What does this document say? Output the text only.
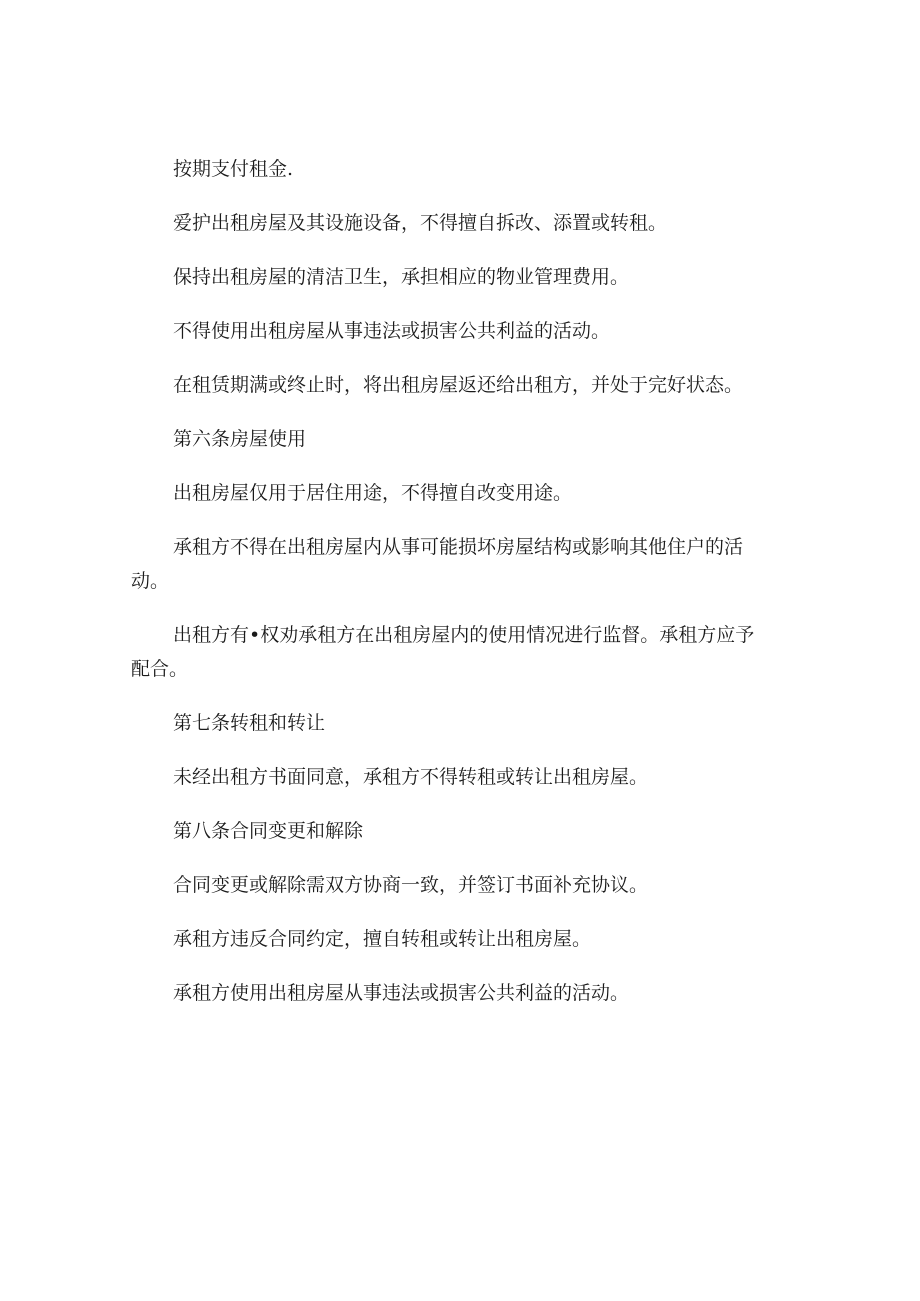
按期支付租金.

爱护出租房屋及其设施设备，不得擅自拆改、添置或转租。

保持出租房屋的清洁卫生，承担相应的物业管理费用。

不得使用出租房屋从事违法或损害公共利益的活动。

在租赁期满或终止时，将出租房屋返还给出租方，并处于完好状态。

第六条房屋使用

出租房屋仅用于居住用途，不得擅自改变用途。

承租方不得在出租房屋内从事可能损坏房屋结构或影响其他住户的活动。

出租方有•权劝承租方在出租房屋内的使用情况进行监督。承租方应予配合。

第七条转租和转让

未经出租方书面同意，承租方不得转租或转让出租房屋。

第八条合同变更和解除

合同变更或解除需双方协商一致，并签订书面补充协议。

承租方违反合同约定，擅自转租或转让出租房屋。

承租方使用出租房屋从事违法或损害公共利益的活动。
